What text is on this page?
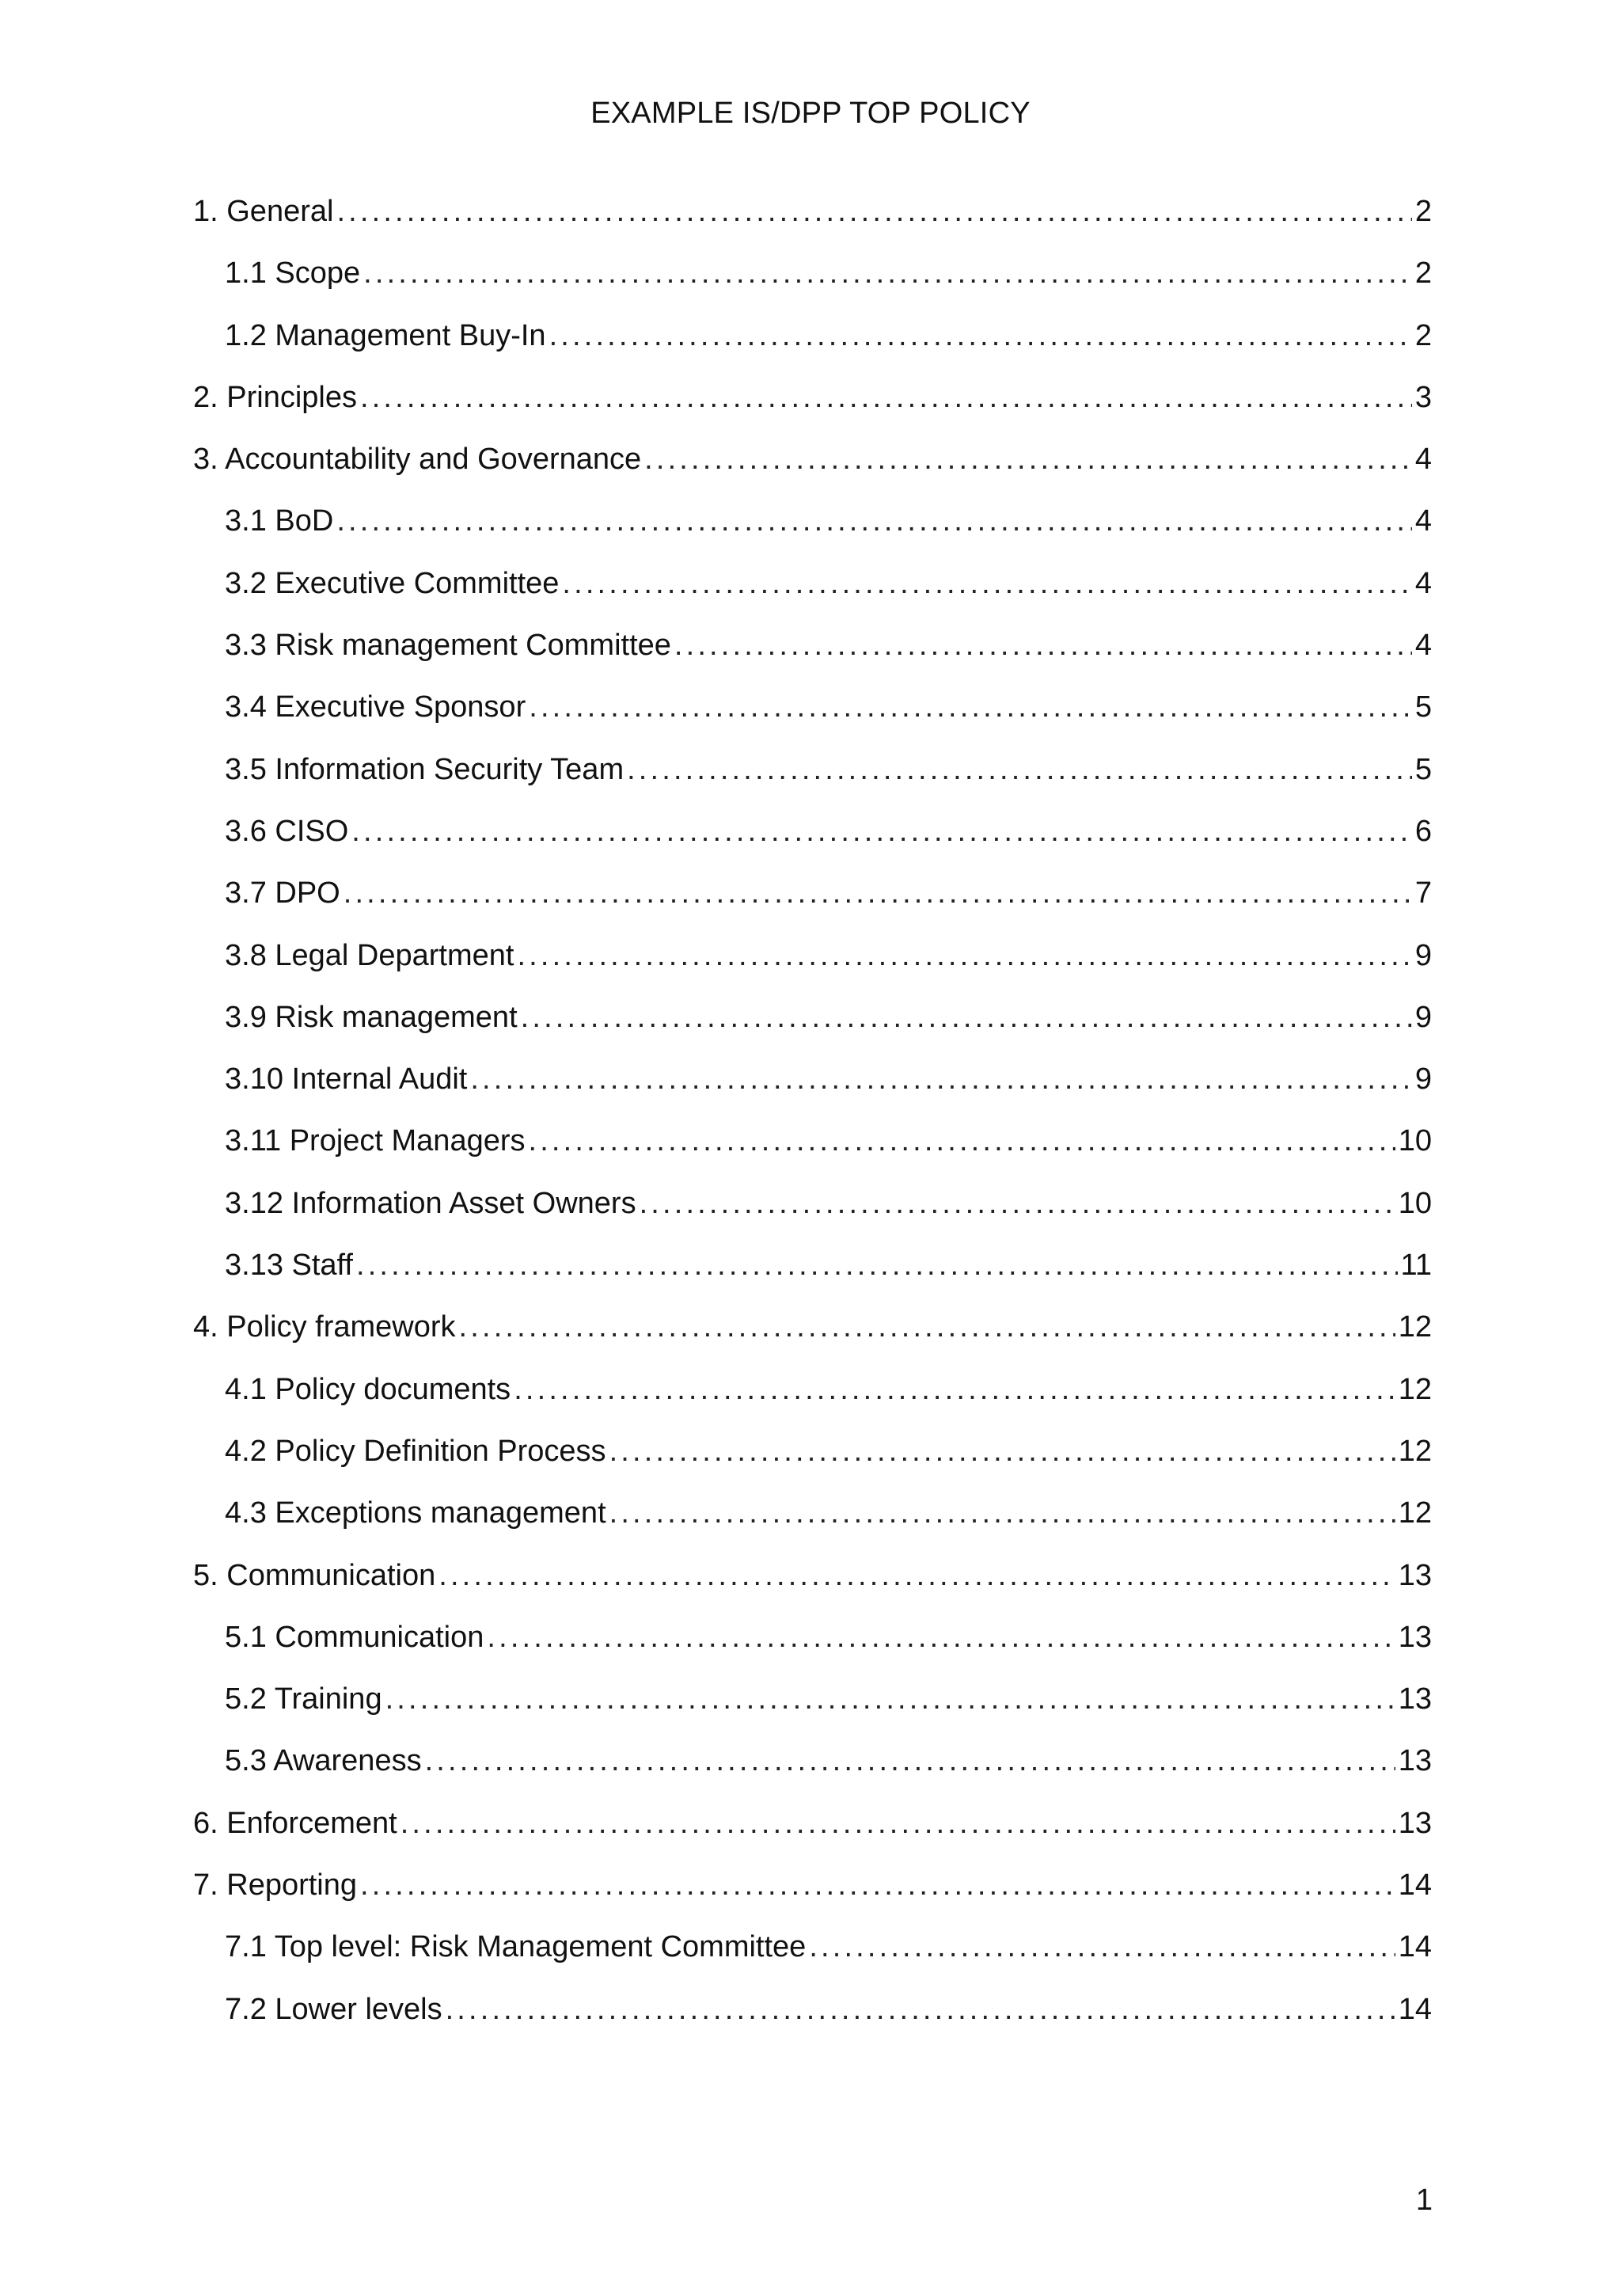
EXAMPLE IS/DPP TOP POLICY
1. General . . .	2
1.1 Scope . . .	2
1.2 Management Buy-In . . .	2
2. Principles . . .	3
3. Accountability and Governance . . .	4
3.1 BoD . . .	4
3.2 Executive Committee . . .	4
3.3 Risk management Committee . . .	4
3.4 Executive Sponsor . . .	5
3.5 Information Security Team . . .	5
3.6 CISO . . .	6
3.7 DPO . . .	7
3.8 Legal Department . . .	9
3.9 Risk management . . .	9
3.10 Internal Audit . . .	9
3.11 Project Managers . . .	10
3.12 Information Asset Owners . . .	10
3.13 Staff . . .	11
4. Policy framework . . .	12
4.1 Policy documents . . .	12
4.2 Policy Definition Process . . .	12
4.3 Exceptions management . . .	12
5. Communication . . .	13
5.1 Communication . . .	13
5.2 Training . . .	13
5.3 Awareness . . .	13
6. Enforcement . . .	13
7. Reporting . . .	14
7.1 Top level: Risk Management Committee . . .	14
7.2 Lower levels . . .	14
1
